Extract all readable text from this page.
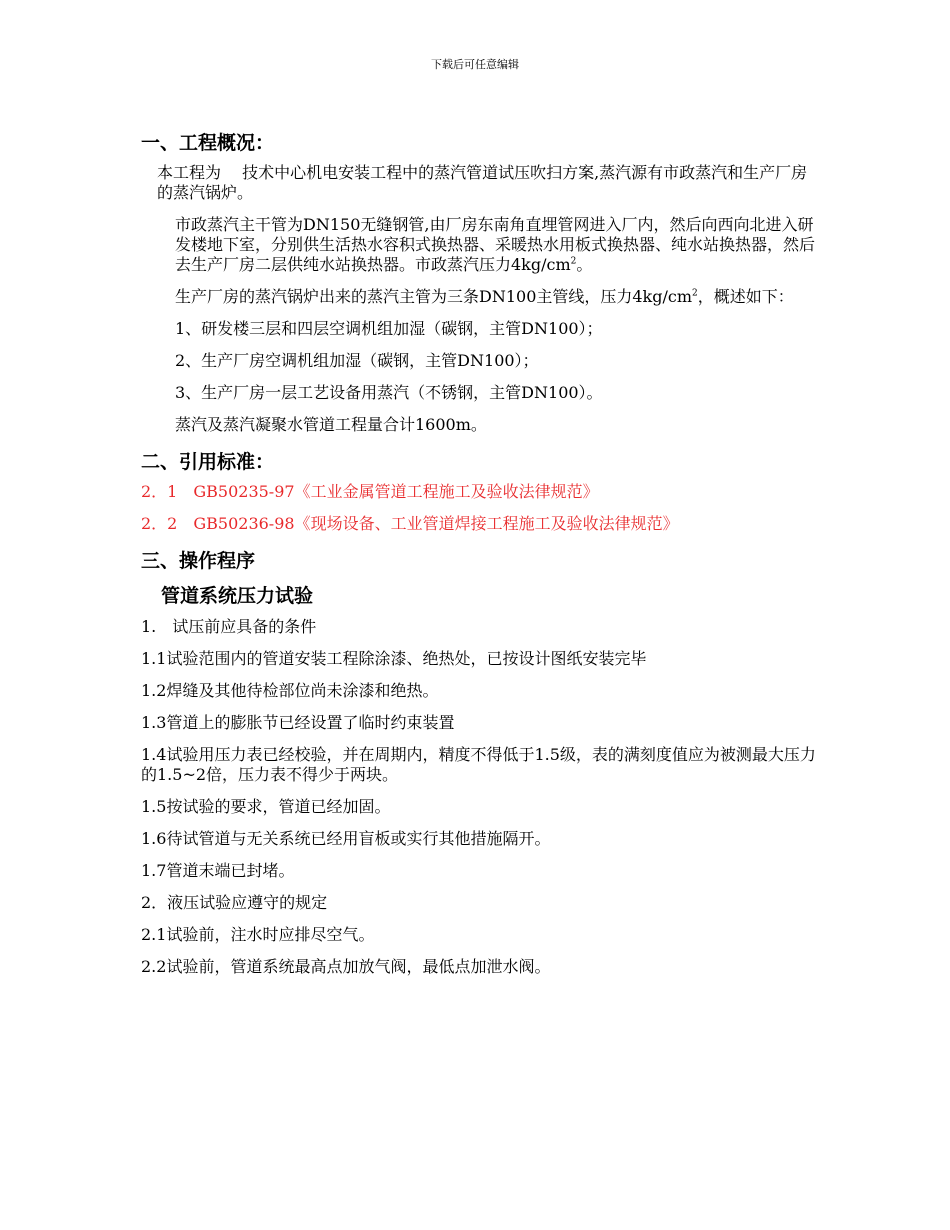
下载后可任意编辑
一、工程概况：
本工程为　 技术中心机电安装工程中的蒸汽管道试压吹扫方案,蒸汽源有市政蒸汽和生产厂房的蒸汽锅炉。
市政蒸汽主干管为DN150无缝钢管,由厂房东南角直埋管网进入厂内，然后向西向北进入研发楼地下室，分别供生活热水容积式换热器、采暖热水用板式换热器、纯水站换热器，然后去生产厂房二层供纯水站换热器。市政蒸汽压力$4kg/cm^2$。
生产厂房的蒸汽锅炉出来的蒸汽主管为三条DN100主管线，压力$4kg/cm^2$，概述如下：
1、研发楼三层和四层空调机组加湿（碳钢，主管DN100）；
2、生产厂房空调机组加湿（碳钢，主管DN100）；
3、生产厂房一层工艺设备用蒸汽（不锈钢，主管DN100）。
蒸汽及蒸汽凝聚水管道工程量合计1600m。
二、引用标准：
2．1　GB50235-97《工业金属管道工程施工及验收法律规范》
2．2　GB50236-98《现场设备、工业管道焊接工程施工及验收法律规范》
三、操作程序
管道系统压力试验
1.　试压前应具备的条件
1.1试验范围内的管道安装工程除涂漆、绝热处，已按设计图纸安装完毕
1.2焊缝及其他待检部位尚未涂漆和绝热。
1.3管道上的膨胀节已经设置了临时约束装置
1.4试验用压力表已经校验，并在周期内，精度不得低于1.5级，表的满刻度值应为被测最大压力的1.5~2倍，压力表不得少于两块。
1.5按试验的要求，管道已经加固。
1.6待试管道与无关系统已经用盲板或实行其他措施隔开。
1.7管道末端已封堵。
2．液压试验应遵守的规定
2.1试验前，注水时应排尽空气。
2.2试验前，管道系统最高点加放气阀，最低点加泄水阀。
